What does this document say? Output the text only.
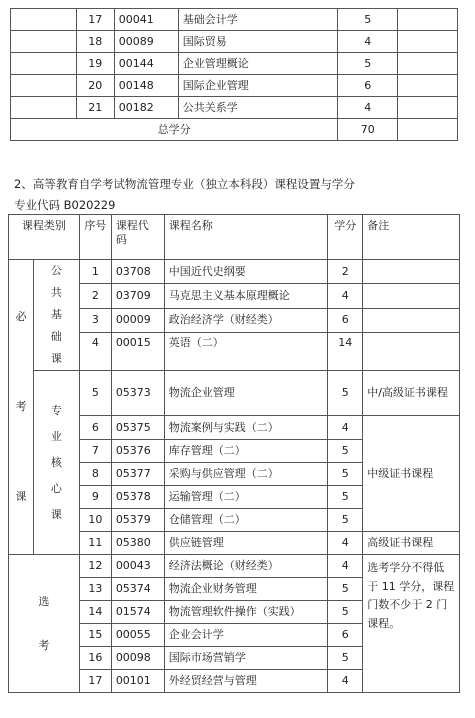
	17	00041	基础会计学	5	
	18	00089	国际贸易	4	
	19	00144	企业管理概论	5	
	20	00148	国际企业管理	6	
	21	00182	公共关系学	4	
总学分				70	
2、高等教育自学考试物流管理专业（独立本科段）课程设置与学分
专业代码 B020229
课程类别		序号	课程代码	课程名称	学分	备注
必考课	公共基础课	1	03708	中国近代史纲要	2	
		2	03709	马克思主义基本原理概论	4	
		3	00009	政治经济学（财经类）	6	
		4	00015	英语（二）	14	
	专业核心课	5	05373	物流企业管理	5	中/高级证书课程
		6	05375	物流案例与实践（二）	4	中级证书课程
		7	05376	库存管理（二）	5	
		8	05377	采购与供应管理（二）	5	
		9	05378	运输管理（二）	5	
		10	05379	仓储管理（二）	5	
		11	05380	供应链管理	4	高级证书课程
选考		12	00043	经济法概论（财经类）	4	选考学分不得低于 11 学分，课程门数不少于 2 门课程。
		13	05374	物流企业财务管理	5	
		14	01574	物流管理软件操作（实践）	5	
		15	00055	企业会计学	6	
		16	00098	国际市场营销学	5	
		17	00101	外经贸经营与管理	4	
